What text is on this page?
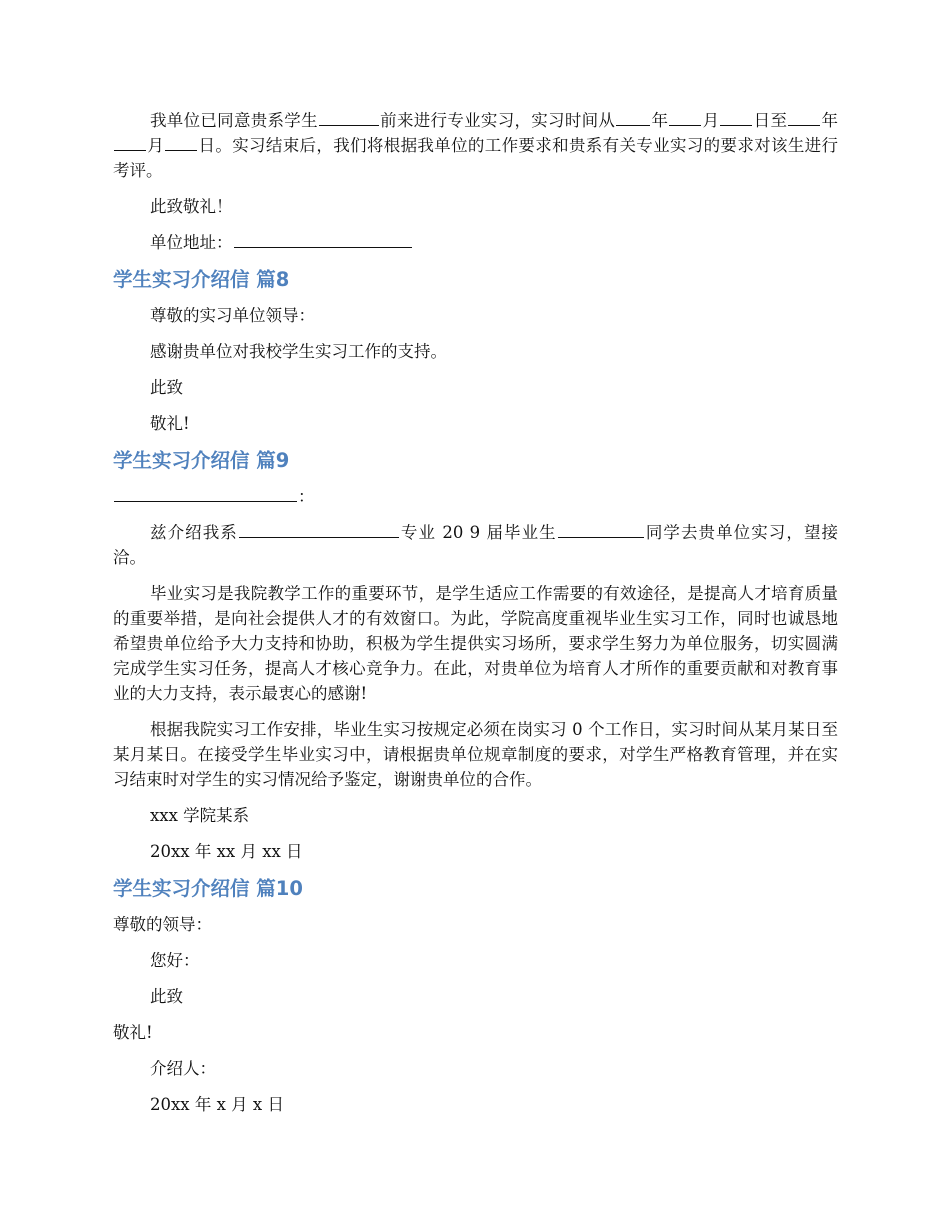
我单位已同意贵系学生	前来进行专业实习，实习时间从 年 月 日至 年月 日。实习结束后，我们将根据我单位的工作要求和贵系有关专业实习的要求对该生进行考评。

此致敬礼！

单位地址：

学生实习介绍信 篇8

尊敬的实习单位领导：

感谢贵单位对我校学生实习工作的支持。

此致

敬礼!

学生实习介绍信 篇9

：

兹介绍我系	专业 20 9 届毕业生	同学去贵单位实习，望接洽。

毕业实习是我院教学工作的重要环节，是学生适应工作需要的有效途径，是提高人才培育质量的重要举措，是向社会提供人才的有效窗口。为此，学院高度重视毕业生实习工作，同时也诚恳地希望贵单位给予大力支持和协助，积极为学生提供实习场所，要求学生努力为单位服务，切实圆满完成学生实习任务，提高人才核心竞争力。在此，对贵单位为培育人才所作的重要贡献和对教育事业的大力支持，表示最衷心的感谢!

根据我院实习工作安排，毕业生实习按规定必须在岗实习 0 个工作日，实习时间从某月某日至某月某日。在接受学生毕业实习中，请根据贵单位规章制度的要求，对学生严格教育管理，并在实习结束时对学生的实习情况给予鉴定，谢谢贵单位的合作。

xxx 学院某系

20xx 年 xx 月 xx 日

学生实习介绍信 篇10

尊敬的领导：

您好：

此致

敬礼!

介绍人：

20xx 年 x 月 x 日
